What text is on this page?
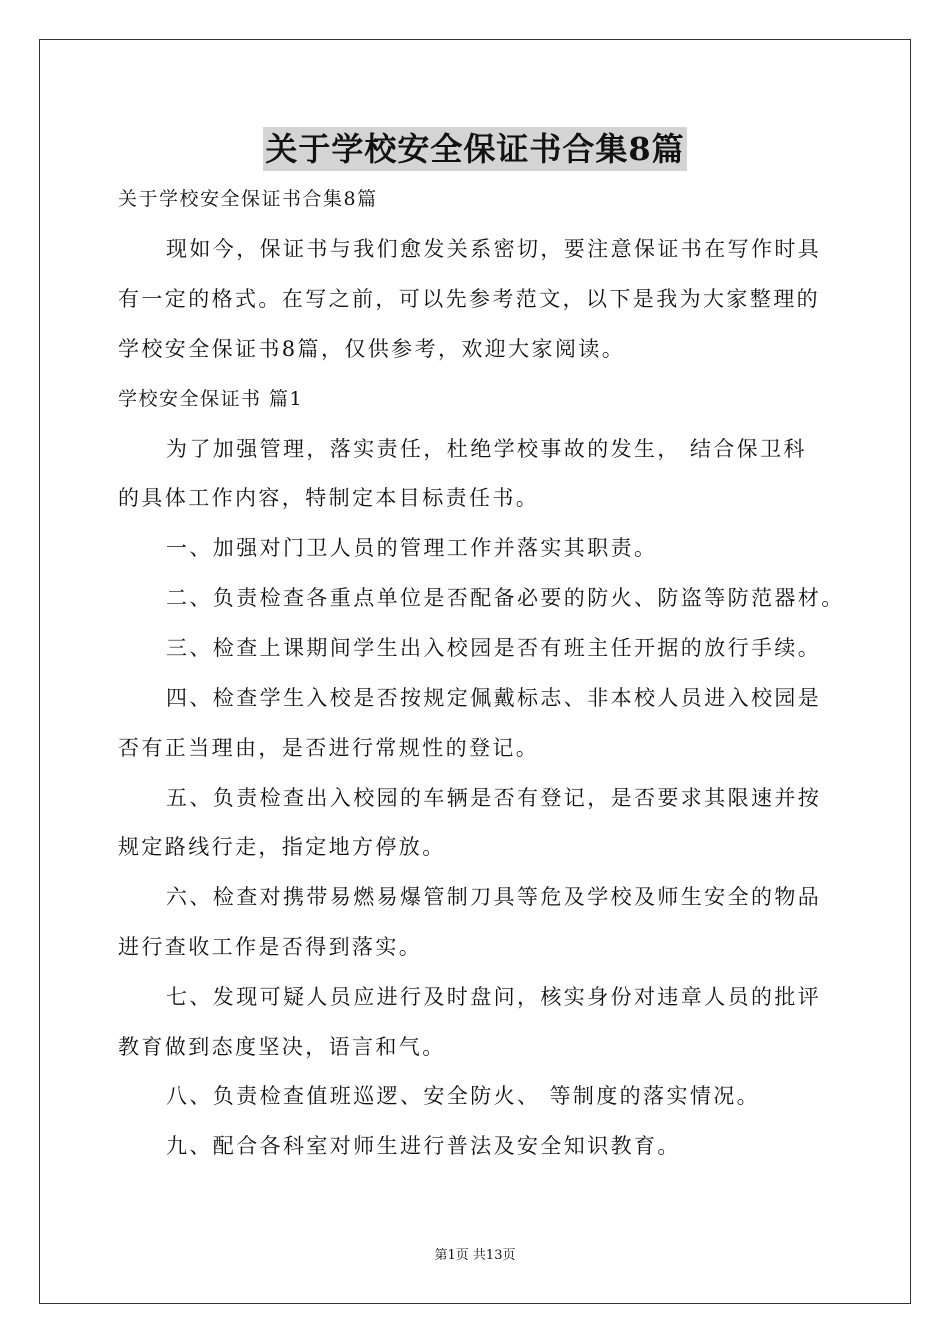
关于学校安全保证书合集8篇
关于学校安全保证书合集8篇
现如今，保证书与我们愈发关系密切，要注意保证书在写作时具
有一定的格式。在写之前，可以先参考范文，以下是我为大家整理的
学校安全保证书8篇，仅供参考，欢迎大家阅读。
学校安全保证书 篇1
为了加强管理，落实责任，杜绝学校事故的发生， 结合保卫科
的具体工作内容，特制定本目标责任书。
一、加强对门卫人员的管理工作并落实其职责。
二、负责检查各重点单位是否配备必要的防火、防盗等防范器材。
三、检查上课期间学生出入校园是否有班主任开据的放行手续。
四、检查学生入校是否按规定佩戴标志、非本校人员进入校园是
否有正当理由，是否进行常规性的登记。
五、负责检查出入校园的车辆是否有登记，是否要求其限速并按
规定路线行走，指定地方停放。
六、检查对携带易燃易爆管制刀具等危及学校及师生安全的物品
进行查收工作是否得到落实。
七、发现可疑人员应进行及时盘问，核实身份对违章人员的批评
教育做到态度坚决，语言和气。
八、负责检查值班巡逻、安全防火、 等制度的落实情况。
九、配合各科室对师生进行普法及安全知识教育。
第1页 共13页
